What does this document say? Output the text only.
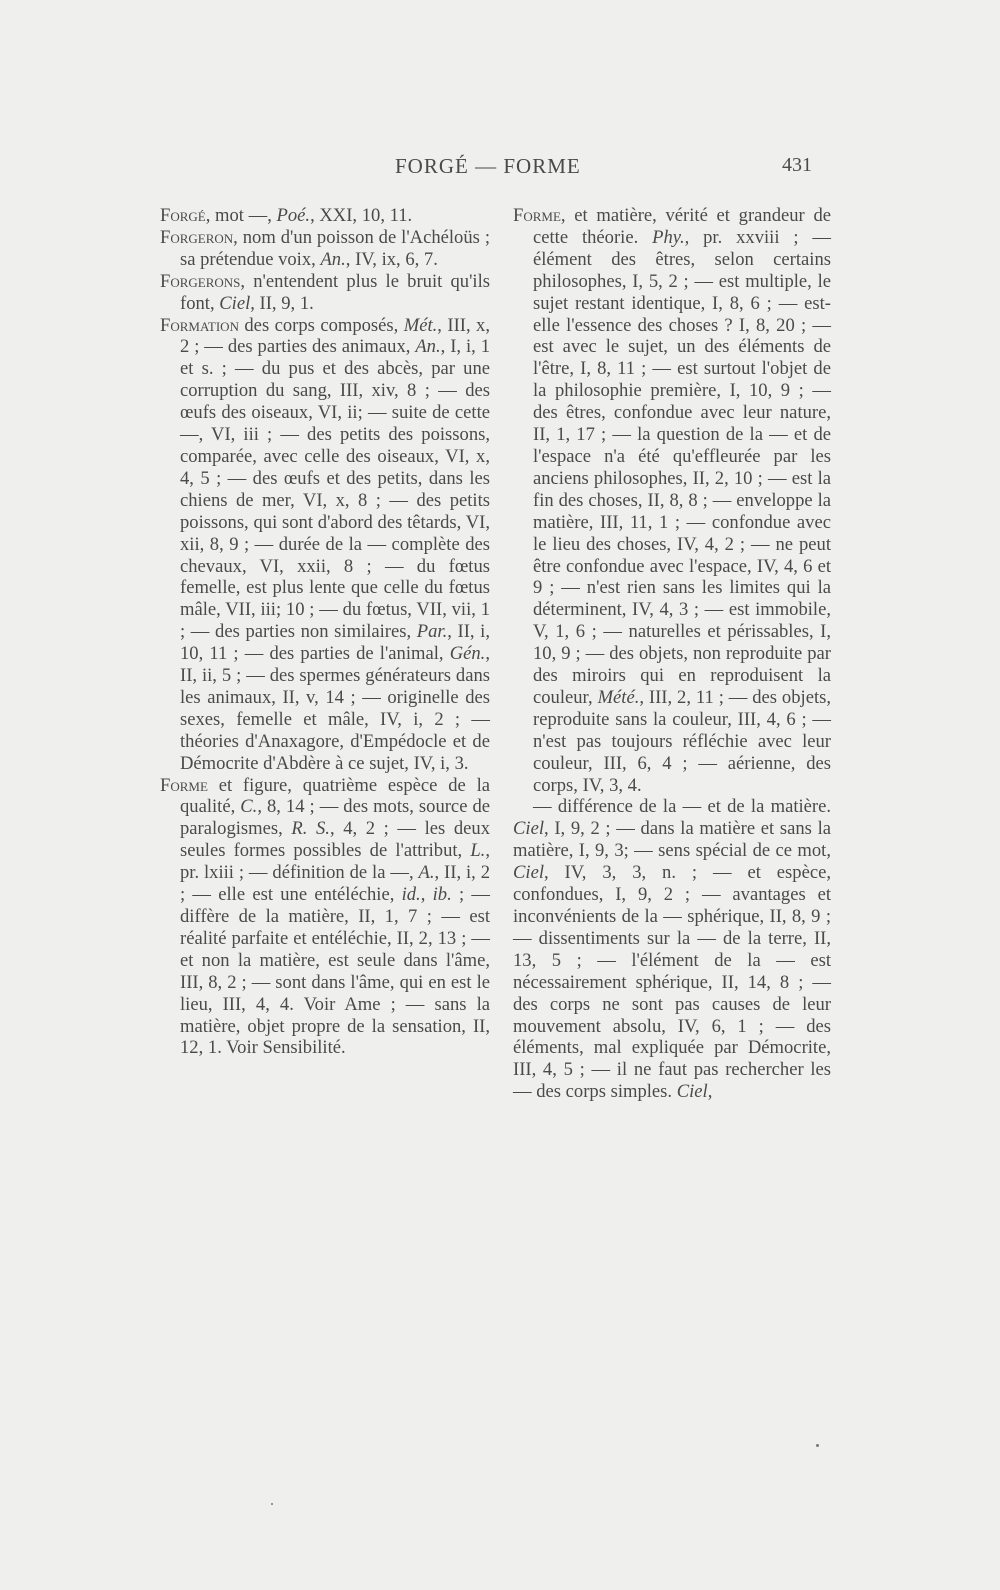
FORGÉ — FORME	431

Forgé, mot —, Poé., XXI, 10, 11.

Forgeron, nom d'un poisson de l'Achéloüs ; sa prétendue voix, An., IV, ix, 6, 7.

Forgerons, n'entendent plus le bruit qu'ils font, Ciel, II, 9, 1.

Formation des corps composés, Mét., III, x, 2 ; — des parties des animaux, An., I, i, 1 et s. ; — du pus et des abcès, par une corruption du sang, III, xiv, 8 ; — des œufs des oiseaux, VI, ii; — suite de cette —, VI, iii ; — des petits des poissons, comparée, avec celle des oiseaux, VI, x, 4, 5 ; — des œufs et des petits, dans les chiens de mer, VI, x, 8 ; — des petits poissons, qui sont d'abord des têtards, VI, xii, 8, 9 ; — durée de la — complète des chevaux, VI, xxii, 8 ; — du fœtus femelle, est plus lente que celle du fœtus mâle, VII, iii; 10 ; — du fœtus, VII, vii, 1 ; — des parties non similaires, Par., II, i, 10, 11 ; — des parties de l'animal, Gén., II, ii, 5 ; — des spermes générateurs dans les animaux, II, v, 14 ; — originelle des sexes, femelle et mâle, IV, i, 2 ; — théories d'Anaxagore, d'Empédocle et de Démocrite d'Abdère à ce sujet, IV, i, 3.

Forme et figure, quatrième espèce de la qualité, C., 8, 14 ; — des mots, source de paralogismes, R. S., 4, 2 ; — les deux seules formes possibles de l'attribut, L., pr. lxiii ; — définition de la —, A., II, i, 2 ; — elle est une entéléchie, id., ib. ; — diffère de la matière, II, 1, 7 ; — est réalité parfaite et entéléchie, II, 2, 13 ; — et non la matière, est seule dans l'âme, III, 8, 2 ; — sont dans l'âme, qui en est le lieu, III, 4, 4. Voir Ame ; — sans la matière, objet propre de la sensation, II, 12, 1. Voir Sensibilité.

Forme, et matière, vérité et grandeur de cette théorie. Phy., pr. xxviii ; — élément des êtres, selon certains philosophes, I, 5, 2 ; — est multiple, le sujet restant identique, I, 8, 6 ; — est-elle l'essence des choses ? I, 8, 20 ; — est avec le sujet, un des éléments de l'être, I, 8, 11 ; — est surtout l'objet de la philosophie première, I, 10, 9 ; — des êtres, confondue avec leur nature, II, 1, 17 ; — la question de la — et de l'espace n'a été qu'effleurée par les anciens philosophes, II, 2, 10 ; — est la fin des choses, II, 8, 8 ; — enveloppe la matière, III, 11, 1 ; — confondue avec le lieu des choses, IV, 4, 2 ; — ne peut être confondue avec l'espace, IV, 4, 6 et 9 ; — n'est rien sans les limites qui la déterminent, IV, 4, 3 ; — est immobile, V, 1, 6 ; — naturelles et périssables, I, 10, 9 ; — des objets, non reproduite par des miroirs qui en reproduisent la couleur, Mété., III, 2, 11 ; — des objets, reproduite sans la couleur, III, 4, 6 ; — n'est pas toujours réfléchie avec leur couleur, III, 6, 4 ; — aérienne, des corps, IV, 3, 4.

— différence de la — et de la matière. Ciel, I, 9, 2 ; — dans la matière et sans la matière, I, 9, 3; — sens spécial de ce mot, Ciel, IV, 3, 3, n. ; — et espèce, confondues, I, 9, 2 ; — avantages et inconvénients de la — sphérique, II, 8, 9 ; — dissentiments sur la — de la terre, II, 13, 5 ; — l'élément de la — est nécessairement sphérique, II, 14, 8 ; — des corps ne sont pas causes de leur mouvement absolu, IV, 6, 1 ; — des éléments, mal expliquée par Démocrite, III, 4, 5 ; — il ne faut pas rechercher les — des corps simples. Ciel,
